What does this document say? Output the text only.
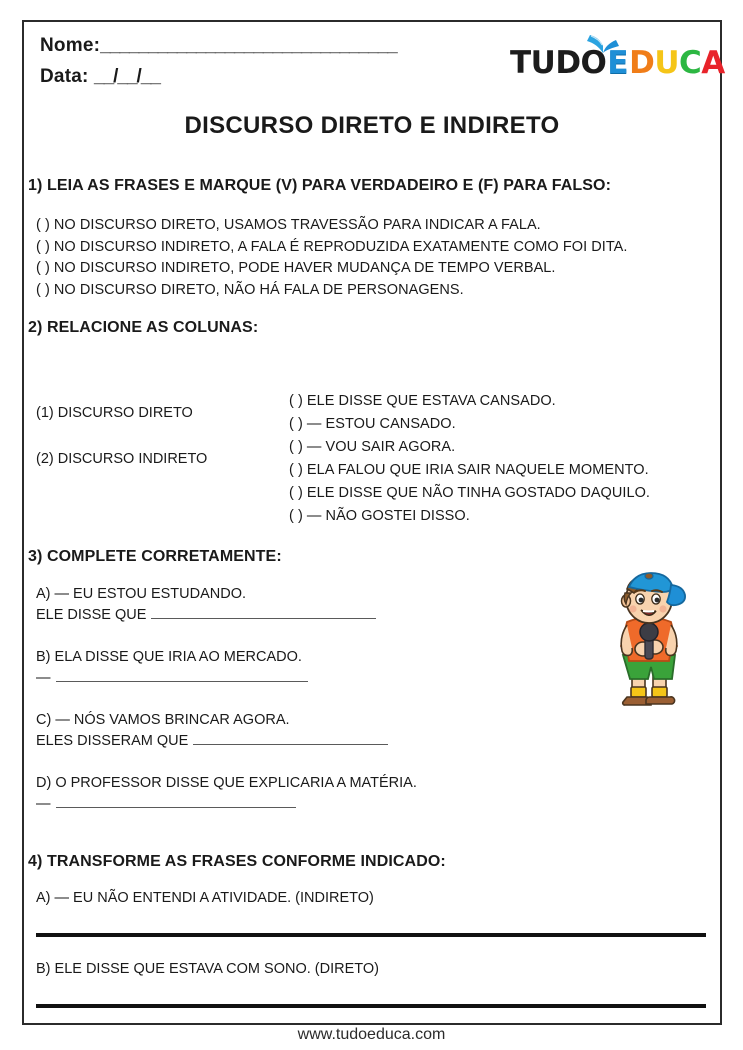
Nome:_______________________________
Data: __/__/__	TUDOEDUCA
DISCURSO DIRETO E INDIRETO
1) LEIA AS FRASES E MARQUE (V) PARA VERDADEIRO E (F) PARA FALSO:
( ) NO DISCURSO DIRETO, USAMOS TRAVESSÃO PARA INDICAR A FALA.
( ) NO DISCURSO INDIRETO, A FALA É REPRODUZIDA EXATAMENTE COMO FOI DITA.
( ) NO DISCURSO INDIRETO, PODE HAVER MUDANÇA DE TEMPO VERBAL.
( ) NO DISCURSO DIRETO, NÃO HÁ FALA DE PERSONAGENS.
2) RELACIONE AS COLUNAS:
(1) DISCURSO DIRETO
(2) DISCURSO INDIRETO
( ) ELE DISSE QUE ESTAVA CANSADO.
( ) — ESTOU CANSADO.
( ) — VOU SAIR AGORA.
( ) ELA FALOU QUE IRIA SAIR NAQUELE MOMENTO.
( ) ELE DISSE QUE NÃO TINHA GOSTADO DAQUILO.
( ) — NÃO GOSTEI DISSO.
3) COMPLETE CORRETAMENTE:
A) — EU ESTOU ESTUDANDO.
ELE DISSE QUE
B) ELA DISSE QUE IRIA AO MERCADO.
—
C) — NÓS VAMOS BRINCAR AGORA.
ELES DISSERAM QUE
D) O PROFESSOR DISSE QUE EXPLICARIA A MATÉRIA.
—
4) TRANSFORME AS FRASES CONFORME INDICADO:
A) — EU NÃO ENTENDI A ATIVIDADE. (INDIRETO)
B) ELE DISSE QUE ESTAVA COM SONO. (DIRETO)
www.tudoeduca.com
